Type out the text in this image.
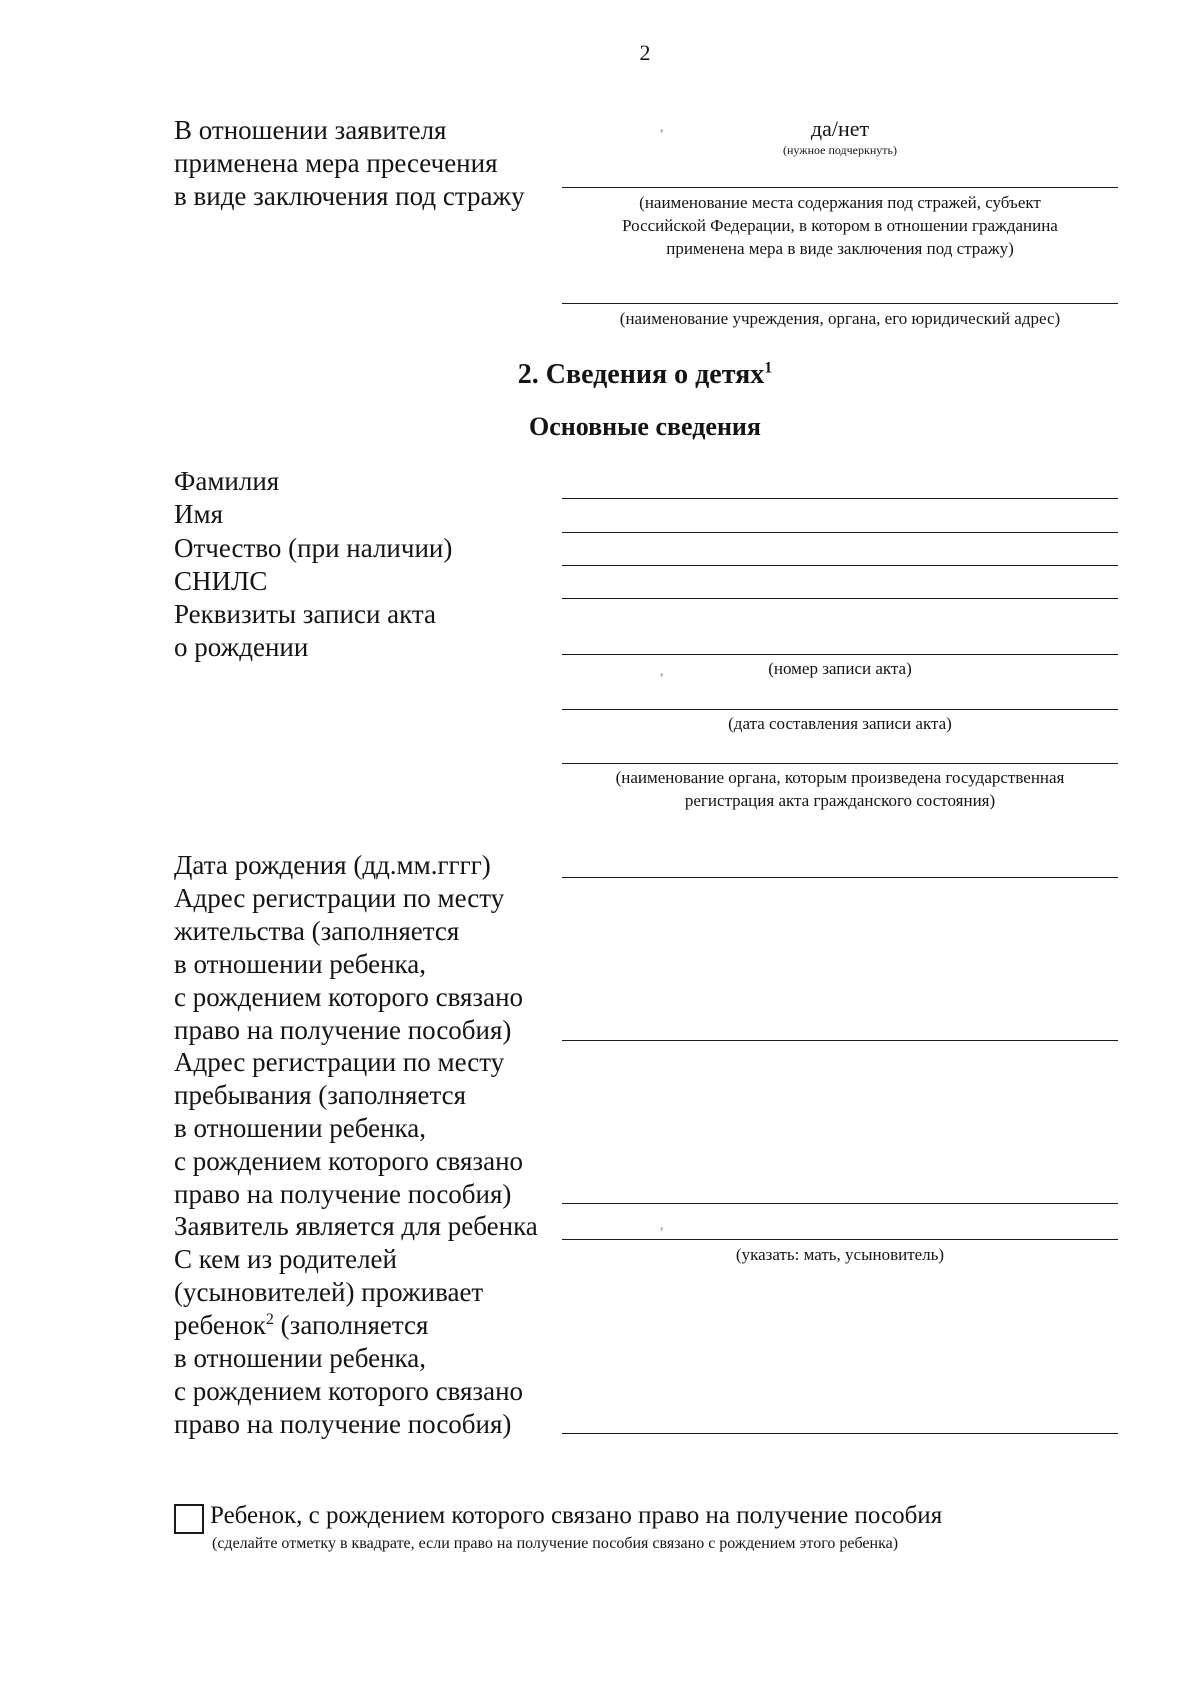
2
В отношении заявителя
применена мера пресечения
в виде заключения под стражу
,	да/нет
(нужное подчеркнуть)
(наименование места содержания под стражей, субъект
Российской Федерации, в котором в отношении гражданина
применена мера в виде заключения под стражу)
(наименование учреждения, органа, его юридический адрес)
2. Сведения о детях$^1$
Основные сведения
Фамилия
Имя
Отчество (при наличии)
СНИЛС
Реквизиты записи акта
о рождении
,	(номер записи акта)
(дата составления записи акта)
(наименование органа, которым произведена государственная
регистрация акта гражданского состояния)
Дата рождения (дд.мм.гггг)
Адрес регистрации по месту
жительства (заполняется
в отношении ребенка,
с рождением которого связано
право на получение пособия)
Адрес регистрации по месту
пребывания (заполняется
в отношении ребенка,
с рождением которого связано
право на получение пособия)
Заявитель является для ребенка	,
(указать: мать, усыновитель)
С кем из родителей
(усыновителей) проживает
ребенок$^2$ (заполняется
в отношении ребенка,
с рождением которого связано
право на получение пособия)
Ребенок, с рождением которого связано право на получение пособия
(сделайте отметку в квадрате, если право на получение пособия связано с рождением этого ребенка)
